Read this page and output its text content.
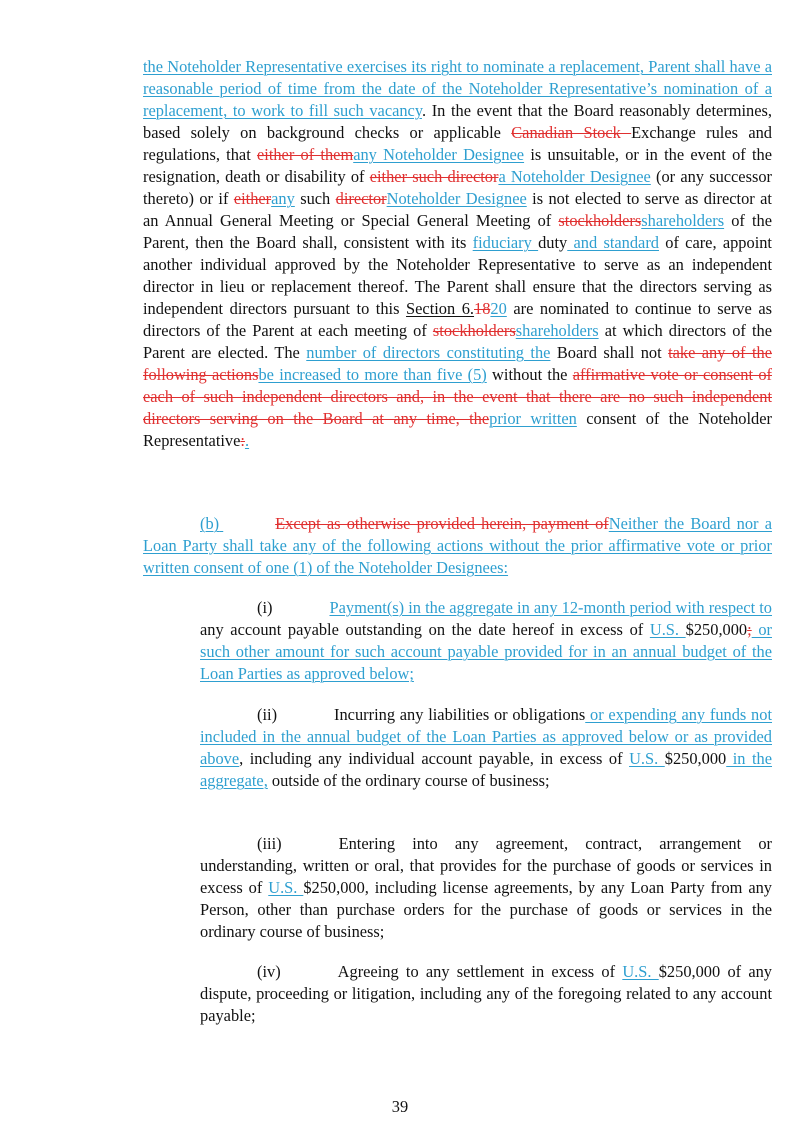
the Noteholder Representative exercises its right to nominate a replacement, Parent shall have a reasonable period of time from the date of the Noteholder Representative’s nomination of a replacement, to work to fill such vacancy. In the event that the Board reasonably determines, based solely on background checks or applicable Canadian Stock Exchange rules and regulations, that either of themany Noteholder Designee is unsuitable, or in the event of the resignation, death or disability of either such directora Noteholder Designee (or any successor thereto) or if eitherany such directorNoteholder Designee is not elected to serve as director at an Annual General Meeting or Special General Meeting of stockholdersshareholders of the Parent, then the Board shall, consistent with its fiduciary duty and standard of care, appoint another individual approved by the Noteholder Representative to serve as an independent director in lieu or replacement thereof. The Parent shall ensure that the directors serving as independent directors pursuant to this Section 6.1820 are nominated to continue to serve as directors of the Parent at each meeting of stockholdersshareholders at which directors of the Parent are elected. The number of directors constituting the Board shall not take any of the following actionsbe increased to more than five (5) without the affirmative vote or consent of each of such independent directors and, in the event that there are no such independent directors serving on the Board at any time, theprior written consent of the Noteholder Representative:.

(b)	Except as otherwise provided herein, payment ofNeither the Board nor a Loan Party shall take any of the following actions without the prior affirmative vote or prior written consent of one (1) of the Noteholder Designees:

(i)	Payment(s) in the aggregate in any 12-month period with respect to any account payable outstanding on the date hereof in excess of U.S. $250,000; or such other amount for such account payable provided for in an annual budget of the Loan Parties as approved below;

(ii)	Incurring any liabilities or obligations or expending any funds not included in the annual budget of the Loan Parties as approved below or as provided above, including any individual account payable, in excess of U.S. $250,000 in the aggregate, outside of the ordinary course of business;

(iii)	Entering into any agreement, contract, arrangement or understanding, written or oral, that provides for the purchase of goods or services in excess of U.S. $250,000, including license agreements, by any Loan Party from any Person, other than purchase orders for the purchase of goods or services in the ordinary course of business;

(iv)	Agreeing to any settlement in excess of U.S. $250,000 of any dispute, proceeding or litigation, including any of the foregoing related to any account payable;

39
